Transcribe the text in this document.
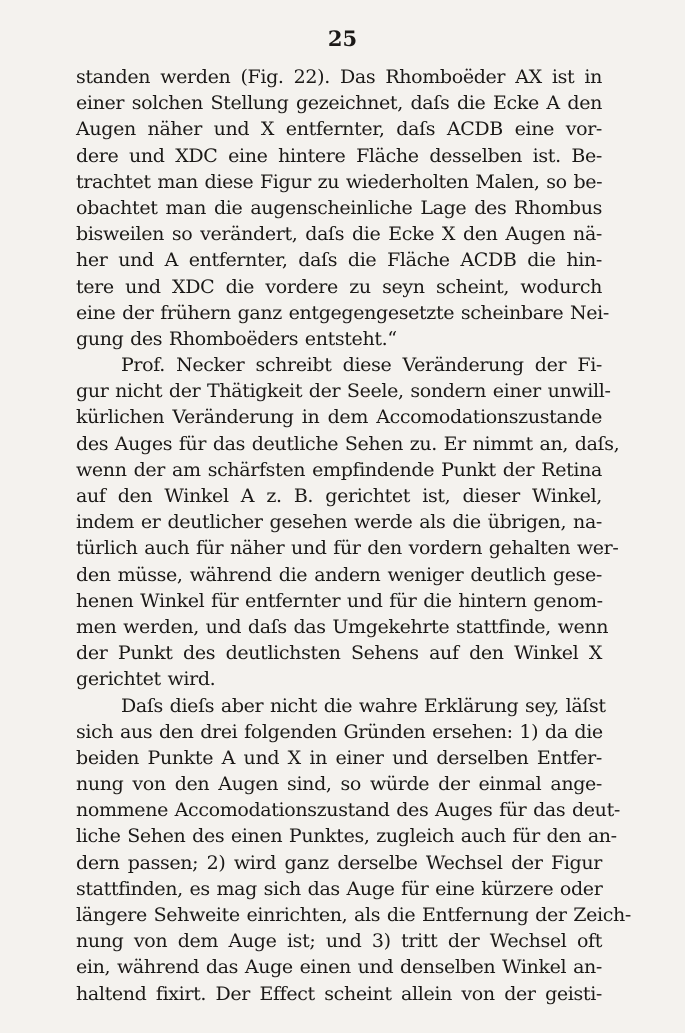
25
standen werden (Fig. 22). Das Rhomboëder AX ist in
einer solchen Stellung gezeichnet, daſs die Ecke A den
Augen näher und X entfernter, daſs ACDB eine vor-
dere und XDC eine hintere Fläche desselben ist. Be-
trachtet man diese Figur zu wiederholten Malen, so be-
obachtet man die augenscheinliche Lage des Rhombus
bisweilen so verändert, daſs die Ecke X den Augen nä-
her und A entfernter, daſs die Fläche ACDB die hin-
tere und XDC die vordere zu seyn scheint, wodurch
eine der frühern ganz entgegengesetzte scheinbare Nei-
gung des Rhomboëders entsteht.“
Prof. Necker schreibt diese Veränderung der Fi-
gur nicht der Thätigkeit der Seele, sondern einer unwill-
kürlichen Veränderung in dem Accomodationszustande
des Auges für das deutliche Sehen zu. Er nimmt an, daſs,
wenn der am schärfsten empfindende Punkt der Retina
auf den Winkel A z. B. gerichtet ist, dieser Winkel,
indem er deutlicher gesehen werde als die übrigen, na-
türlich auch für näher und für den vordern gehalten wer-
den müsse, während die andern weniger deutlich gese-
henen Winkel für entfernter und für die hintern genom-
men werden, und daſs das Umgekehrte stattfinde, wenn
der Punkt des deutlichsten Sehens auf den Winkel X
gerichtet wird.
Daſs dieſs aber nicht die wahre Erklärung sey, läſst
sich aus den drei folgenden Gründen ersehen: 1) da die
beiden Punkte A und X in einer und derselben Entfer-
nung von den Augen sind, so würde der einmal ange-
nommene Accomodationszustand des Auges für das deut-
liche Sehen des einen Punktes, zugleich auch für den an-
dern passen; 2) wird ganz derselbe Wechsel der Figur
stattfinden, es mag sich das Auge für eine kürzere oder
längere Sehweite einrichten, als die Entfernung der Zeich-
nung von dem Auge ist; und 3) tritt der Wechsel oft
ein, während das Auge einen und denselben Winkel an-
haltend fixirt. Der Effect scheint allein von der geisti-
